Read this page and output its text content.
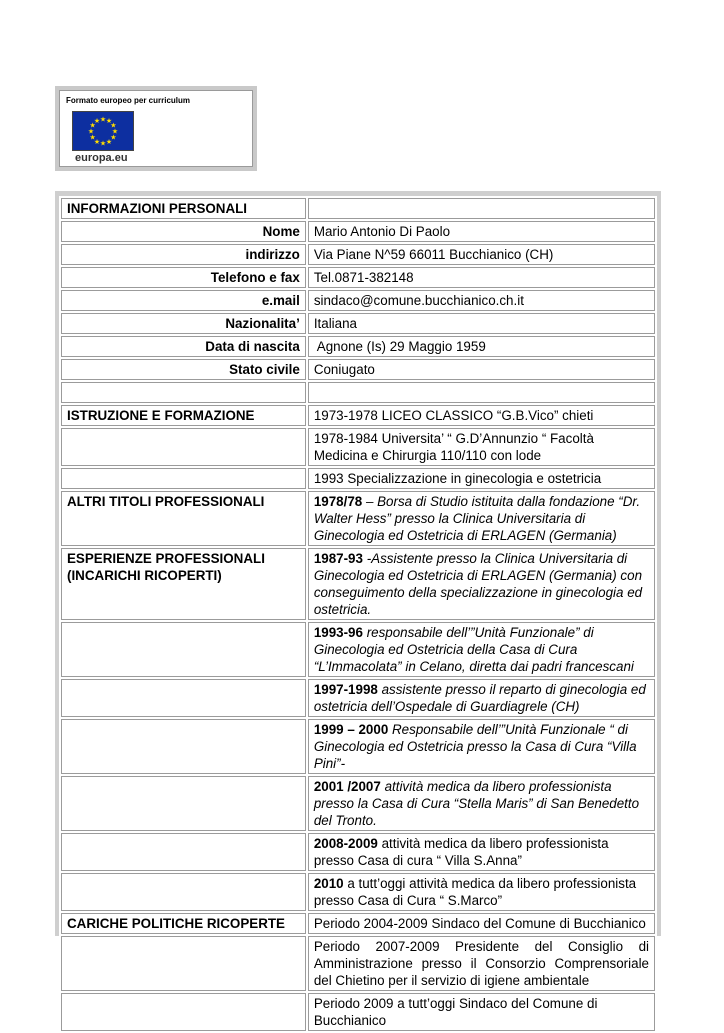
Formato europeo per curriculum
★ ★
★
★
★
★
★
★
★
★
★
★
europa.eu
INFORMAZIONI PERSONALI	
Nome	Mario Antonio Di Paolo
indirizzo	Via Piane N^59 66011 Bucchianico (CH)
Telefono e fax	Tel.0871-382148
e.mail	sindaco@comune.bucchianico.ch.it
Nazionalita’	Italiana
Data di nascita	Agnone (Is) 29 Maggio 1959
Stato civile	Coniugato

ISTRUZIONE E FORMAZIONE	1973-1978 LICEO CLASSICO “G.B.Vico” chieti
	1978-1984 Universita’ “ G.D’Annunzio “ Facoltà Medicina e Chirurgia 110/110 con lode
	1993 Specializzazione in ginecologia e ostetricia
ALTRI TITOLI PROFESSIONALI	1978/78 – Borsa di Studio istituita dalla fondazione “Dr. Walter Hess” presso la Clinica Universitaria di Ginecologia ed Ostetricia di ERLAGEN (Germania)
ESPERIENZE PROFESSIONALI (INCARICHI RICOPERTI)	1987-93 -Assistente presso la Clinica Universitaria di Ginecologia ed Ostetricia di ERLAGEN (Germania) con conseguimento della specializzazione in ginecologia ed ostetricia.
	1993-96 responsabile dell’”Unità Funzionale” di Ginecologia ed Ostetricia della Casa di Cura “L’Immacolata” in Celano, diretta dai padri francescani
	1997-1998 assistente presso il reparto di ginecologia ed ostetricia dell’Ospedale di Guardiagrele (CH)
	1999 – 2000 Responsabile dell’”Unità Funzionale “ di Ginecologia ed Ostetricia presso la Casa di Cura “Villa Pini”-
	2001 /2007 attività medica da libero professionista presso la Casa di Cura “Stella Maris” di San Benedetto del Tronto.
	2008-2009 attività medica da libero professionista presso Casa di cura “ Villa S.Anna”
	2010 a tutt’oggi attività medica da libero professionista presso Casa di Cura “ S.Marco”
CARICHE POLITICHE RICOPERTE	Periodo 2004-2009 Sindaco del Comune di Bucchianico
	Periodo 2007-2009 Presidente del Consiglio di Amministrazione presso il Consorzio Comprensoriale del Chietino per il servizio di igiene ambientale
	Periodo 2009 a tutt’oggi Sindaco del Comune di Bucchianico
